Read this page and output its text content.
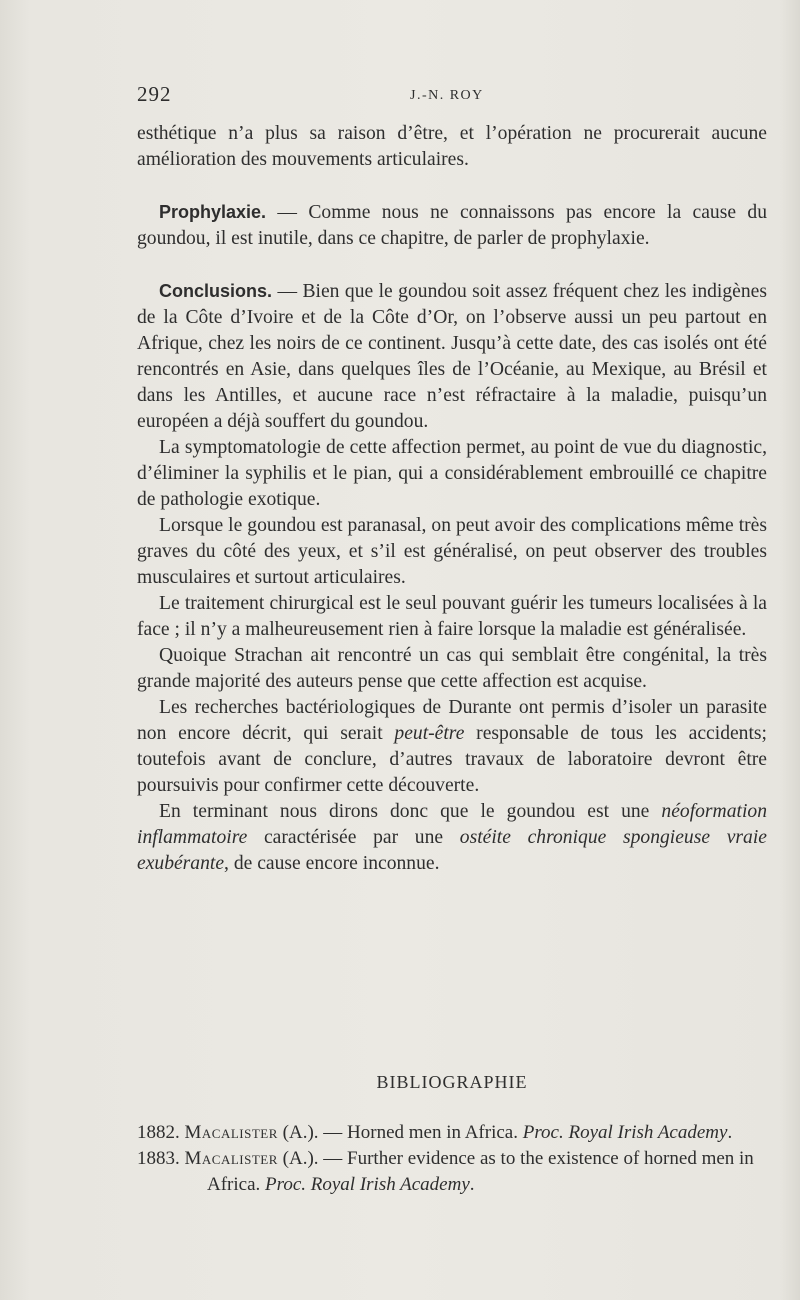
292	J.-N. ROY

esthétique n’a plus sa raison d’être, et l’opération ne procurerait aucune amélioration des mouvements articulaires.

Prophylaxie. — Comme nous ne connaissons pas encore la cause du goundou, il est inutile, dans ce chapitre, de parler de prophylaxie.

Conclusions. — Bien que le goundou soit assez fréquent chez les indigènes de la Côte d’Ivoire et de la Côte d’Or, on l’observe aussi un peu partout en Afrique, chez les noirs de ce continent. Jusqu’à cette date, des cas isolés ont été rencontrés en Asie, dans quelques îles de l’Océanie, au Mexique, au Brésil et dans les Antilles, et aucune race n’est réfractaire à la maladie, puisqu’un européen a déjà souffert du goundou.

La symptomatologie de cette affection permet, au point de vue du diagnostic, d’éliminer la syphilis et le pian, qui a considérablement embrouillé ce chapitre de pathologie exotique.

Lorsque le goundou est paranasal, on peut avoir des complications même très graves du côté des yeux, et s’il est généralisé, on peut observer des troubles musculaires et surtout articulaires.

Le traitement chirurgical est le seul pouvant guérir les tumeurs localisées à la face ; il n’y a malheureusement rien à faire lorsque la maladie est généralisée.

Quoique Strachan ait rencontré un cas qui semblait être congénital, la très grande majorité des auteurs pense que cette affection est acquise.

Les recherches bactériologiques de Durante ont permis d’isoler un parasite non encore décrit, qui serait peut-être responsable de tous les accidents; toutefois avant de conclure, d’autres travaux de laboratoire devront être poursuivis pour confirmer cette découverte.

En terminant nous dirons donc que le goundou est une néoformation inflammatoire caractérisée par une ostéite chronique spongieuse vraie exubérante, de cause encore inconnue.

BIBLIOGRAPHIE

1882. Macalister (A.). — Horned men in Africa. Proc. Royal Irish Academy.

1883. Macalister (A.). — Further evidence as to the existence of horned men in Africa. Proc. Royal Irish Academy.
